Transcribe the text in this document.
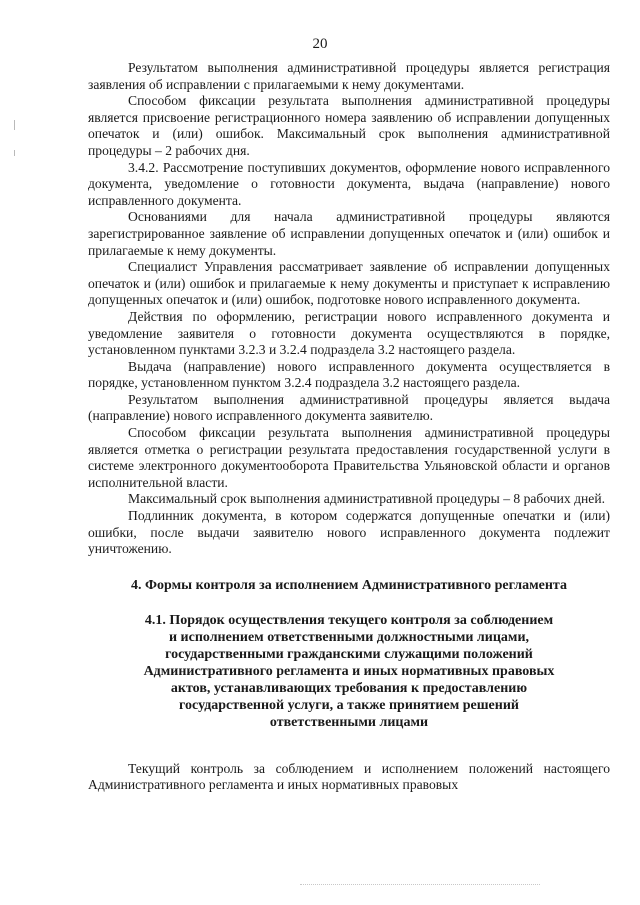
20

Результатом выполнения административной процедуры является регистрация заявления об исправлении с прилагаемыми к нему документами.

Способом фиксации результата выполнения административной процедуры является присвоение регистрационного номера заявлению об исправлении допущенных опечаток и (или) ошибок. Максимальный срок выполнения административной процедуры – 2 рабочих дня.

3.4.2. Рассмотрение поступивших документов, оформление нового исправленного документа, уведомление о готовности документа, выдача (направление) нового исправленного документа.

Основаниями для начала административной процедуры являются зарегистрированное заявление об исправлении допущенных опечаток и (или) ошибок и прилагаемые к нему документы.

Специалист Управления рассматривает заявление об исправлении допущенных опечаток и (или) ошибок и прилагаемые к нему документы и приступает к исправлению допущенных опечаток и (или) ошибок, подготовке нового исправленного документа.

Действия по оформлению, регистрации нового исправленного документа и уведомление заявителя о готовности документа осуществляются в порядке, установленном пунктами 3.2.3 и 3.2.4 подраздела 3.2 настоящего раздела.

Выдача (направление) нового исправленного документа осуществляется в порядке, установленном пунктом 3.2.4 подраздела 3.2 настоящего раздела.

Результатом выполнения административной процедуры является выдача (направление) нового исправленного документа заявителю.

Способом фиксации результата выполнения административной процедуры является отметка о регистрации результата предоставления государственной услуги в системе электронного документооборота Правительства Ульяновской области и органов исполнительной власти.

Максимальный срок выполнения административной процедуры – 8 рабочих дней.

Подлинник документа, в котором содержатся допущенные опечатки и (или) ошибки, после выдачи заявителю нового исправленного документа подлежит уничтожению.

4. Формы контроля за исполнением Административного регламента
4.1. Порядок осуществления текущего контроля за соблюдением
и исполнением ответственными должностными лицами,
государственными гражданскими служащими положений
Административного регламента и иных нормативных правовых
актов, устанавливающих требования к предоставлению
государственной услуги, а также принятием решений
ответственными лицами

Текущий контроль за соблюдением и исполнением положений настоящего Административного регламента и иных нормативных правовых
